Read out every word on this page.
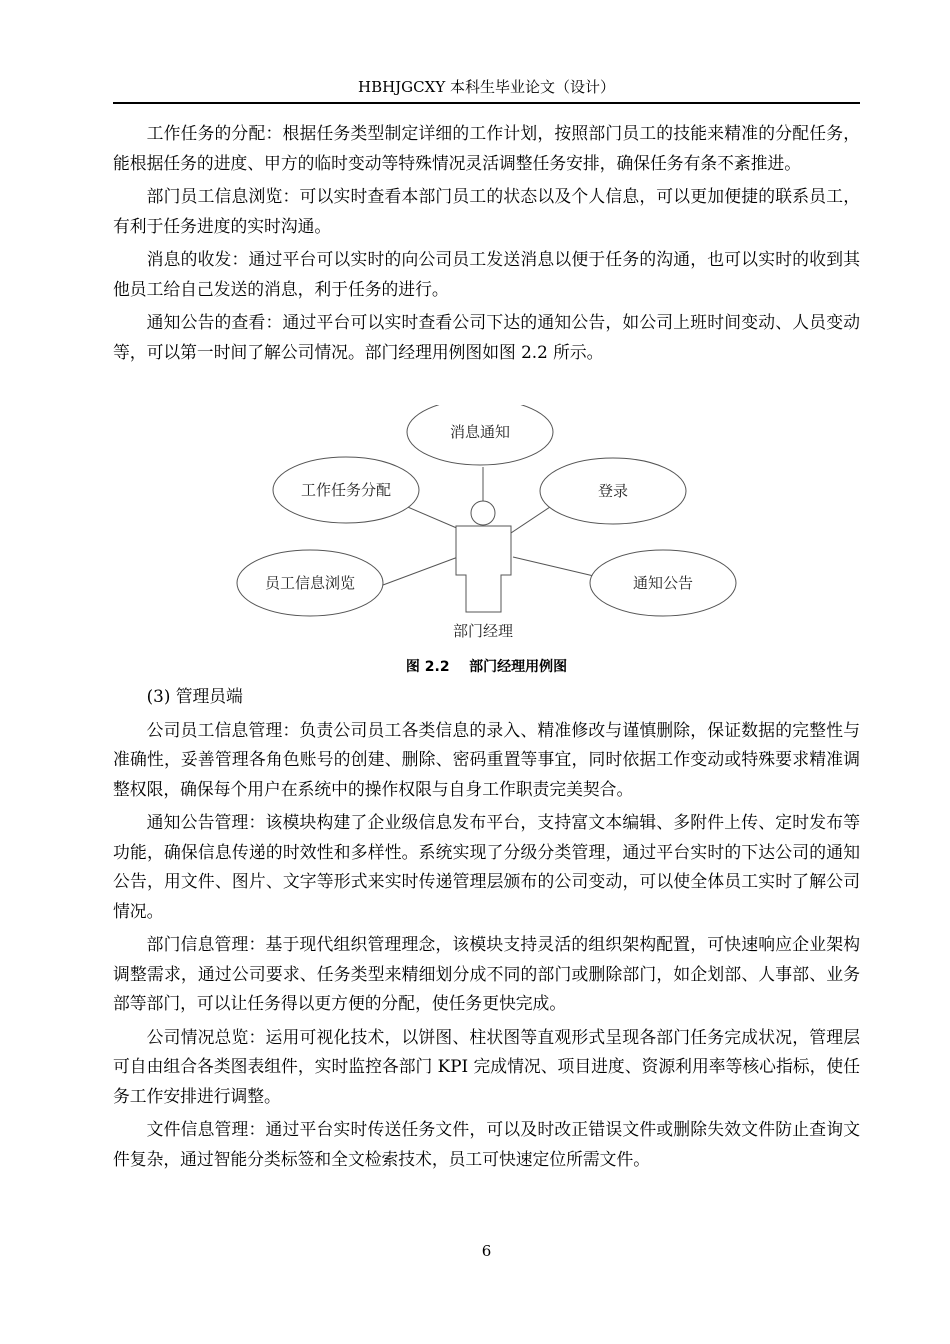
HBHJGCXY 本科生毕业论文（设计）

工作任务的分配：根据任务类型制定详细的工作计划，按照部门员工的技能来精准的分配任务，能根据任务的进度、甲方的临时变动等特殊情况灵活调整任务安排，确保任务有条不紊推进。

部门员工信息浏览：可以实时查看本部门员工的状态以及个人信息，可以更加便捷的联系员工，有利于任务进度的实时沟通。

消息的收发：通过平台可以实时的向公司员工发送消息以便于任务的沟通，也可以实时的收到其他员工给自己发送的消息，利于任务的进行。

通知公告的查看：通过平台可以实时查看公司下达的通知公告，如公司上班时间变动、人员变动等，可以第一时间了解公司情况。部门经理用例图如图 2.2 所示。

消息通知
工作任务分配	登录
员工信息浏览	通知公告
部门经理
图 2.2 部门经理用例图

(3) 管理员端

公司员工信息管理：负责公司员工各类信息的录入、精准修改与谨慎删除，保证数据的完整性与准确性，妥善管理各角色账号的创建、删除、密码重置等事宜，同时依据工作变动或特殊要求精准调整权限，确保每个用户在系统中的操作权限与自身工作职责完美契合。

通知公告管理：该模块构建了企业级信息发布平台，支持富文本编辑、多附件上传、定时发布等功能，确保信息传递的时效性和多样性。系统实现了分级分类管理，通过平台实时的下达公司的通知公告，用文件、图片、文字等形式来实时传递管理层颁布的公司变动，可以使全体员工实时了解公司情况。

部门信息管理：基于现代组织管理理念，该模块支持灵活的组织架构配置，可快速响应企业架构调整需求，通过公司要求、任务类型来精细划分成不同的部门或删除部门，如企划部、人事部、业务部等部门，可以让任务得以更方便的分配，使任务更快完成。

公司情况总览：运用可视化技术，以饼图、柱状图等直观形式呈现各部门任务完成状况，管理层可自由组合各类图表组件，实时监控各部门 KPI 完成情况、项目进度、资源利用率等核心指标，使任务工作安排进行调整。

文件信息管理：通过平台实时传送任务文件，可以及时改正错误文件或删除失效文件防止查询文件复杂，通过智能分类标签和全文检索技术，员工可快速定位所需文件。

6
